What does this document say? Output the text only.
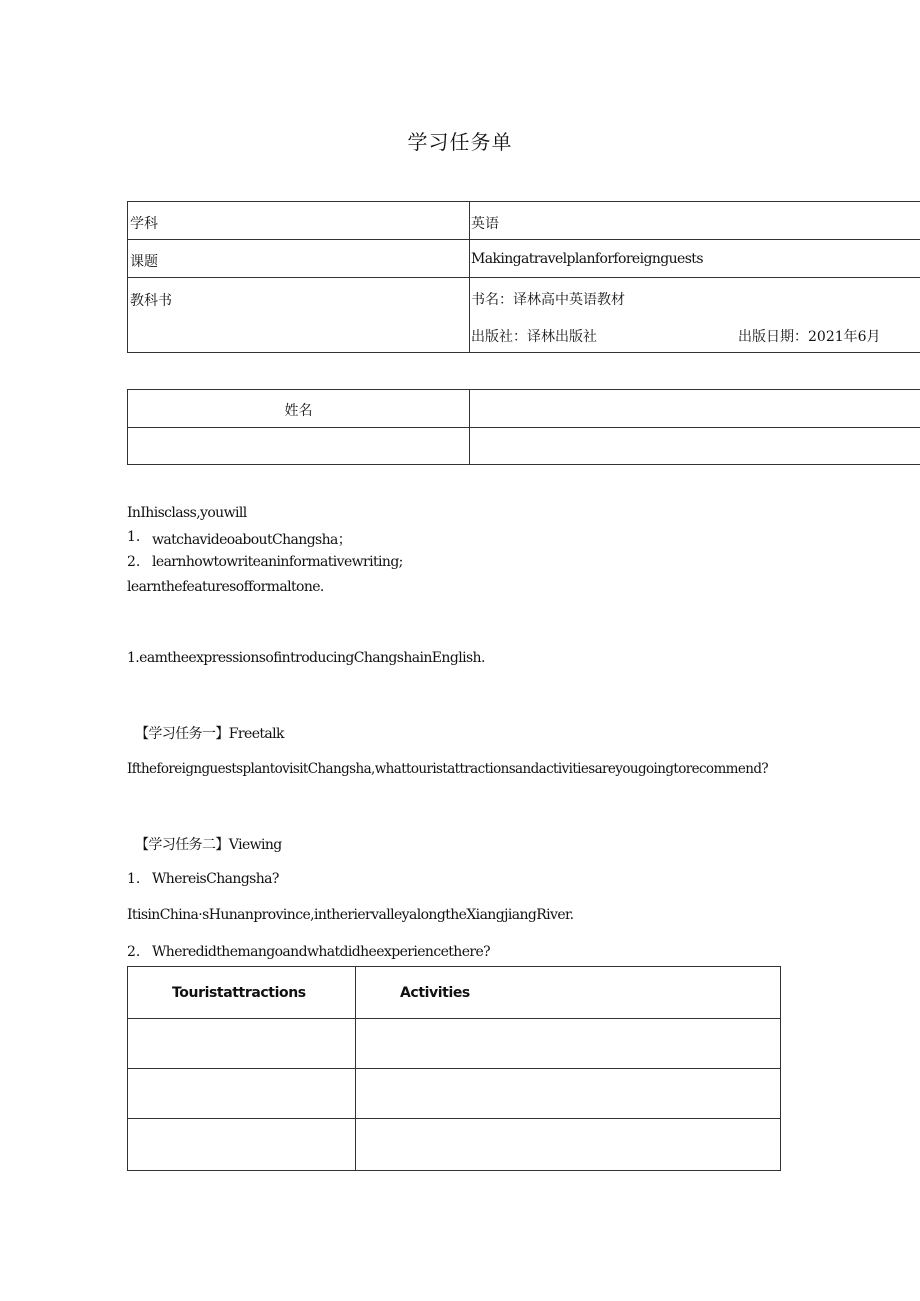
学习任务单
学科	英语
课题	Makingatravelplanforforeignguests
教科书	书名：译林高中英语教材
出版社：译林出版社	出版日期：2021年6月
姓名
InIhisclass,youwill
1. watchavideoaboutChangsha；
2. learnhowtowriteaninformativewriting;
learnthefeaturesofformaltone.
1.eamtheexpressionsofintroducingChangshainEnglish.
【学习任务一】Freetalk
IftheforeignguestsplantovisitChangsha,whattouristattractionsandactivitiesareyougoingtorecommend?
【学习任务二】Viewing
1. WhereisChangsha?
ItisinChina·sHunanprovince,intheriervalleyalongtheXiangjiangRiver.
2. Wheredidthemangoandwhatdidheexperiencethere?
Touristattractions	Activities
